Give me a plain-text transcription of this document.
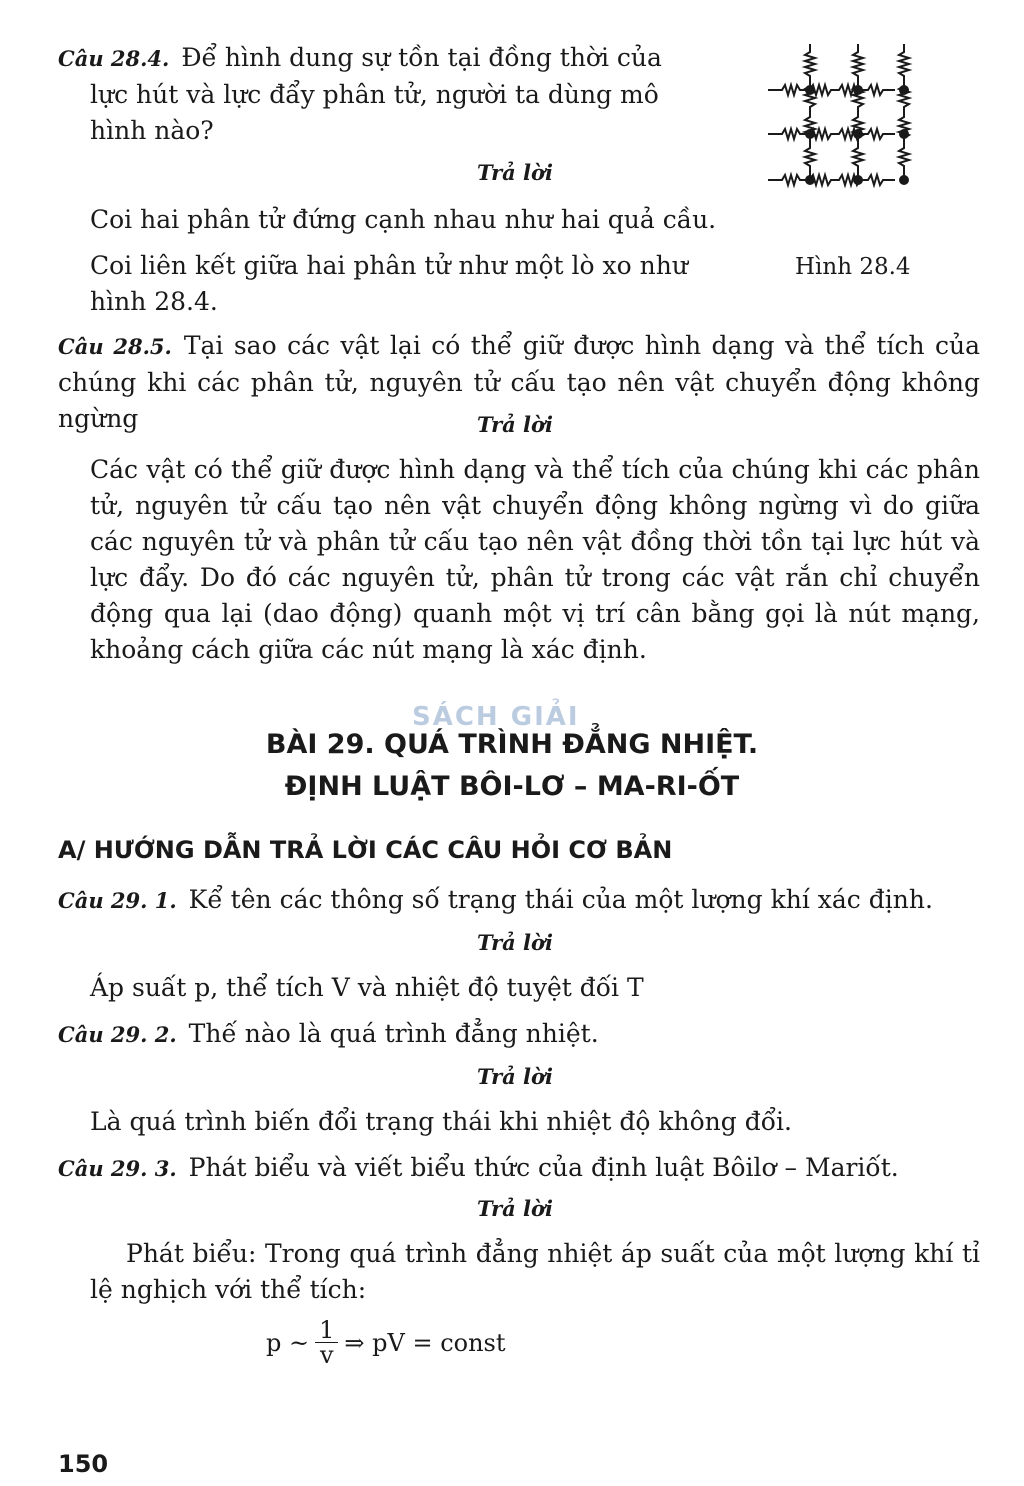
Câu 28.4. Để hình dung sự tồn tại đồng thời của
lực hút và lực đẩy phân tử, người ta dùng mô hình nào?
Trả lời
Coi hai phân tử đứng cạnh nhau như hai quả cầu.
Coi liên kết giữa hai phân tử như một lò xo như hình 28.4.
Hình 28.4
Câu 28.5. Tại sao các vật lại có thể giữ được hình dạng và thể tích của chúng khi các phân tử, nguyên tử cấu tạo nên vật chuyển động không ngừng	Trả lời
Các vật có thể giữ được hình dạng và thể tích của chúng khi các phân tử, nguyên tử cấu tạo nên vật chuyển động không ngừng vì do giữa các nguyên tử và phân tử cấu tạo nên vật đồng thời tồn tại lực hút và lực đẩy. Do đó các nguyên tử, phân tử trong các vật rắn chỉ chuyển động qua lại (dao động) quanh một vị trí cân bằng gọi là nút mạng, khoảng cách giữa các nút mạng là xác định.
SÁCH GIẢI
BÀI 29. QUÁ TRÌNH ĐẲNG NHIỆT.
ĐỊNH LUẬT BÔI-LƠ – MA-RI-ỐT
A/ HƯỚNG DẪN TRẢ LỜI CÁC CÂU HỎI CƠ BẢN
Câu 29. 1. Kể tên các thông số trạng thái của một lượng khí xác định.
Trả lời
Áp suất p, thể tích V và nhiệt độ tuyệt đối T
Câu 29. 2. Thế nào là quá trình đẳng nhiệt.
Trả lời
Là quá trình biến đổi trạng thái khi nhiệt độ không đổi.
Câu 29. 3. Phát biểu và viết biểu thức của định luật Bôilơ – Mariốt.
Trả lời
Phát biểu: Trong quá trình đẳng nhiệt áp suất của một lượng khí tỉ lệ nghịch với thể tích:
p ~ $\frac{1}{v}$ ⇒ pV = const
150
